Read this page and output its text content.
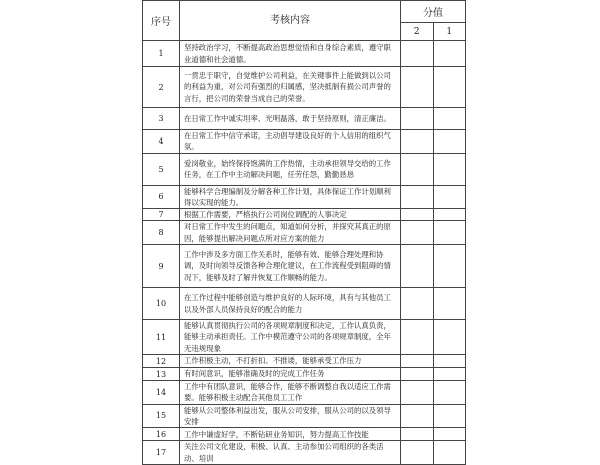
序号	考核内容	分值	
		2	1
1	坚持政治学习，不断提高政治思想觉悟和自身综合素质，遵守职业道德和社会道德。		
2	一贯忠于职守，自觉维护公司利益，在关键事件上能做到以公司的利益为重，对公司有强烈的归属感，坚决抵制有损公司声誉的言行，把公司的荣誉当成自己的荣誉。		
3	在日常工作中诚实坦率、光明磊落，敢于坚持原则，清正廉洁。		
4	在日常工作中信守承诺，主动倡导建设良好的个人信用的组织气氛。		
5	爱岗敬业，始终保持饱满的工作热情，主动承担领导交给的工作任务，在工作中主动解决问题，任劳任怨，勤勤恳恳		
6	能够科学合理编制及分解各种工作计划，具体保证工作计划顺利得以实现的能力。		
7	根据工作需要，严格执行公司岗位调配的人事决定		
8	对日常工作中发生的问题点，知道如何分析，并探究其真正的原因，能够提出解决问题点所对应方案的能力		
9	工作中涉及多方面工作关系时，能够有效、能够合理处理和协调，及时向领导反馈各种合理化建议，在工作流程受到阻碍的情况下，能够及时了解并恢复工作顺畅的能力。		
10	在工作过程中能够创造与维护良好的人际环境，具有与其他员工以及外部人员保持良好的配合的能力		
11	能够认真贯彻执行公司的各项规章制度和决定，工作认真负责，能够主动承担责任。工作中模范遵守公司的各项规章制度，全年无违规现象		
12	工作积极主动，不打折扣、不推诿，能够承受工作压力		
13	有时间意识，能够准确及时的完成工作任务		
14	工作中有团队意识，能够合作，能够不断调整自我以适应工作需要。能够积极主动配合其他员工工作		
15	能够从公司整体利益出发，服从公司安排，服从公司的以及领导安排		
16	工作中谦虚好学，不断钻研业务知识，努力提高工作技能		
17	关注公司文化建设，积极、认真、主动参加公司组织的各类活动、培训		
